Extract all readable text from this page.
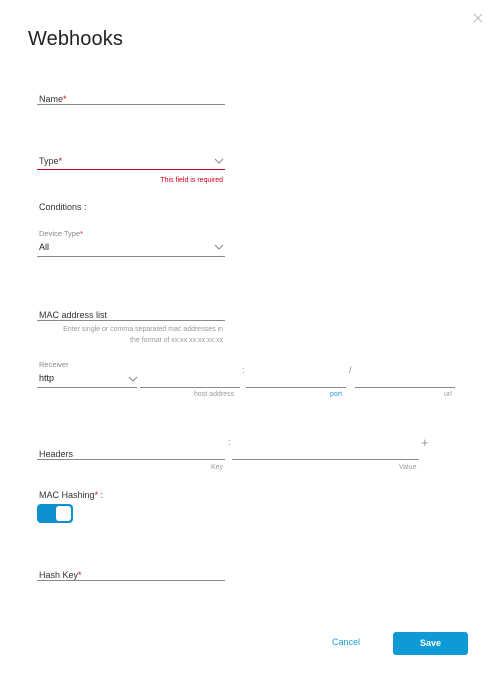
Webhooks
Name*
Type*
This field is required
Conditions :
Device Type*
All
MAC address list
Enter single or comma separated mac addresses in
the format of xx:xx:xx:xx:xx:xx
Receiver
http
host address
:
port
/
url
Headers
Key
:
Value
+
MAC Hashing* :
Hash Key*
Cancel	Save
